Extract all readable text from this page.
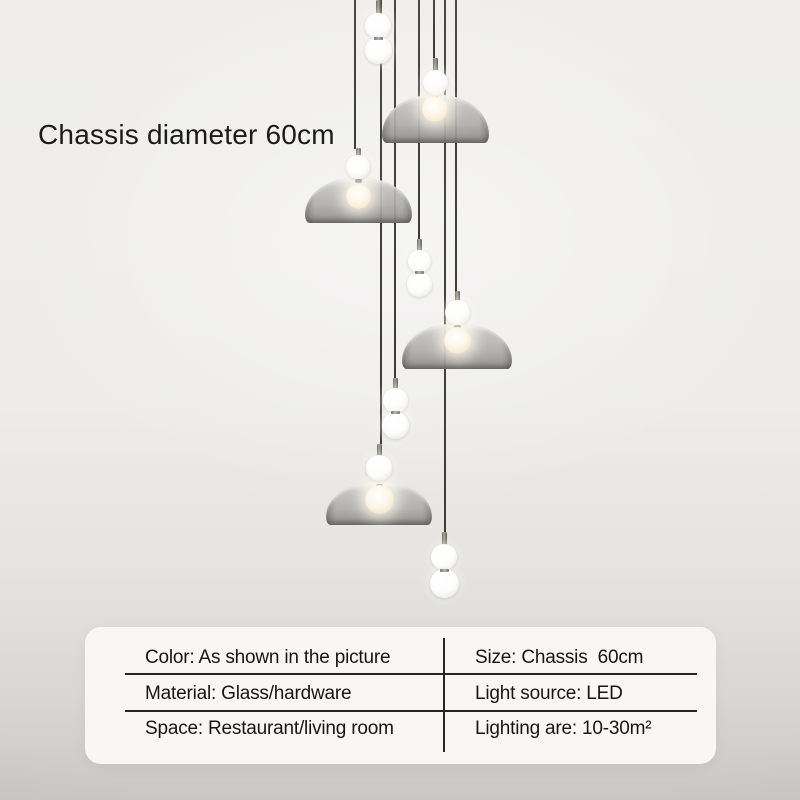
Chassis diameter 60cm
Color: As shown in the picture
Material: Glass/hardware
Space: Restaurant/living room
Size: Chassis  60cm
Light source: LED
Lighting are: 10-30m²
